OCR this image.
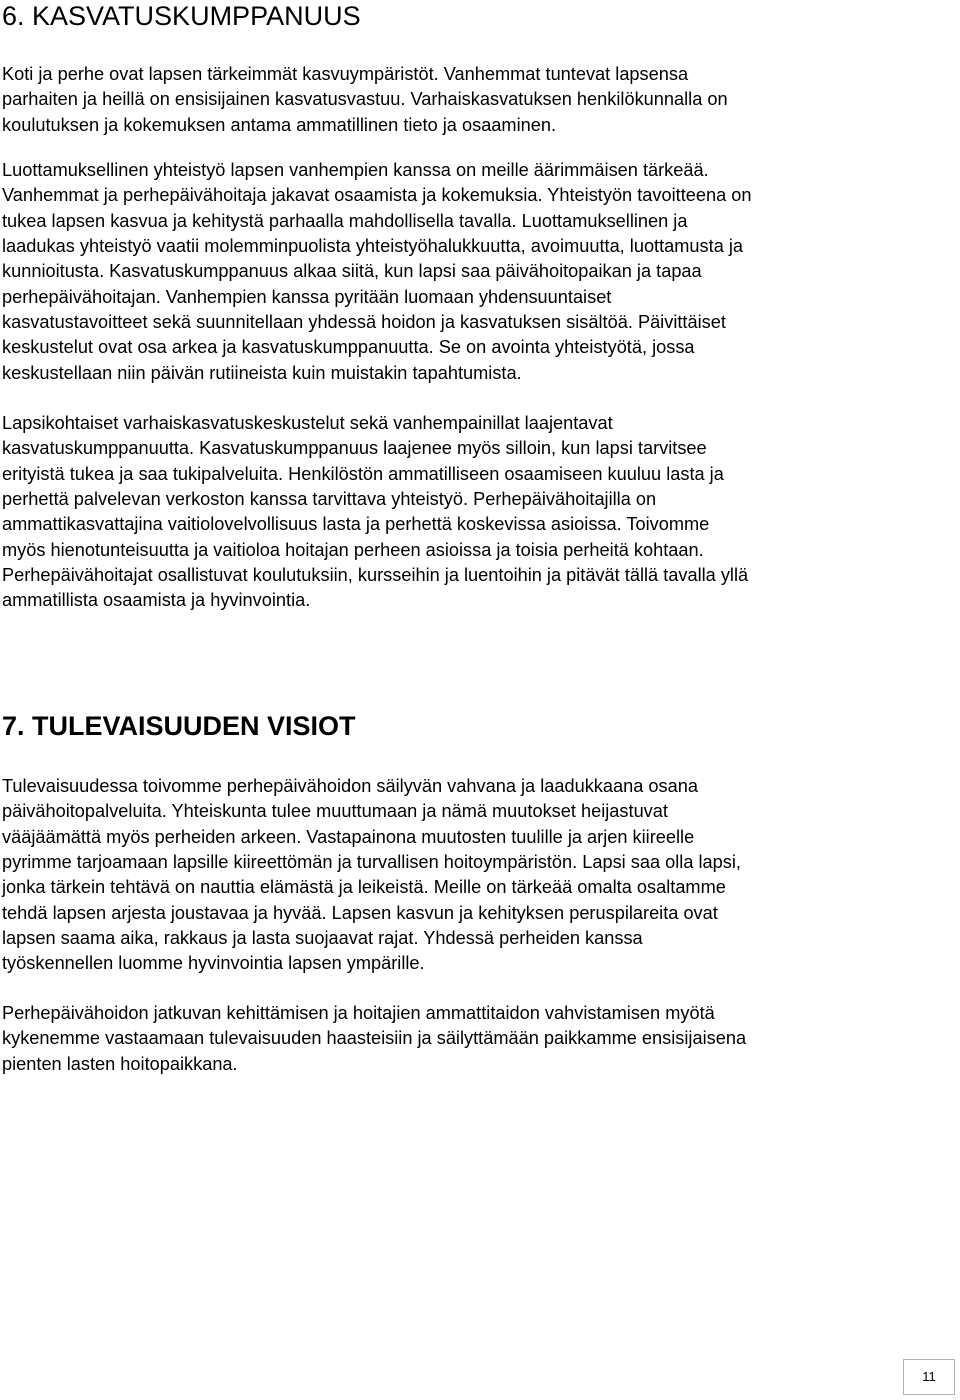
6. KASVATUSKUMPPANUUS

Koti ja perhe ovat lapsen tärkeimmät kasvuympäristöt. Vanhemmat tuntevat lapsensa
parhaiten ja heillä on ensisijainen kasvatusvastuu. Varhaiskasvatuksen henkilökunnalla on
koulutuksen ja kokemuksen antama ammatillinen tieto ja osaaminen.

Luottamuksellinen yhteistyö lapsen vanhempien kanssa on meille äärimmäisen tärkeää.
Vanhemmat ja perhepäivähoitaja jakavat osaamista ja kokemuksia. Yhteistyön tavoitteena on
tukea lapsen kasvua ja kehitystä parhaalla mahdollisella tavalla. Luottamuksellinen ja
laadukas yhteistyö vaatii molemminpuolista yhteistyöhalukkuutta, avoimuutta, luottamusta ja
kunnioitusta. Kasvatuskumppanuus alkaa siitä, kun lapsi saa päivähoitopaikan ja tapaa
perhepäivähoitajan. Vanhempien kanssa pyritään luomaan yhdensuuntaiset
kasvatustavoitteet sekä suunnitellaan yhdessä hoidon ja kasvatuksen sisältöä. Päivittäiset
keskustelut ovat osa arkea ja kasvatuskumppanuutta. Se on avointa yhteistyötä, jossa
keskustellaan niin päivän rutiineista kuin muistakin tapahtumista.

Lapsikohtaiset varhaiskasvatuskeskustelut sekä vanhempainillat laajentavat
kasvatuskumppanuutta. Kasvatuskumppanuus laajenee myös silloin, kun lapsi tarvitsee
erityistä tukea ja saa tukipalveluita. Henkilöstön ammatilliseen osaamiseen kuuluu lasta ja
perhettä palvelevan verkoston kanssa tarvittava yhteistyö. Perhepäivähoitajilla on
ammattikasvattajina vaitiolovelvollisuus lasta ja perhettä koskevissa asioissa. Toivomme
myös hienotunteisuutta ja vaitioloa hoitajan perheen asioissa ja toisia perheitä kohtaan.
Perhepäivähoitajat osallistuvat koulutuksiin, kursseihin ja luentoihin ja pitävät tällä tavalla yllä
ammatillista osaamista ja hyvinvointia.

7. TULEVAISUUDEN VISIOT

Tulevaisuudessa toivomme perhepäivähoidon säilyvän vahvana ja laadukkaana osana
päivähoitopalveluita. Yhteiskunta tulee muuttumaan ja nämä muutokset heijastuvat
vääjäämättä myös perheiden arkeen. Vastapainona muutosten tuulille ja arjen kiireelle
pyrimme tarjoamaan lapsille kiireettömän ja turvallisen hoitoympäristön. Lapsi saa olla lapsi,
jonka tärkein tehtävä on nauttia elämästä ja leikeistä. Meille on tärkeää omalta osaltamme
tehdä lapsen arjesta joustavaa ja hyvää. Lapsen kasvun ja kehityksen peruspilareita ovat
lapsen saama aika, rakkaus ja lasta suojaavat rajat. Yhdessä perheiden kanssa
työskennellen luomme hyvinvointia lapsen ympärille.

Perhepäivähoidon jatkuvan kehittämisen ja hoitajien ammattitaidon vahvistamisen myötä
kykenemme vastaamaan tulevaisuuden haasteisiin ja säilyttämään paikkamme ensisijaisena
pienten lasten hoitopaikkana.

11
